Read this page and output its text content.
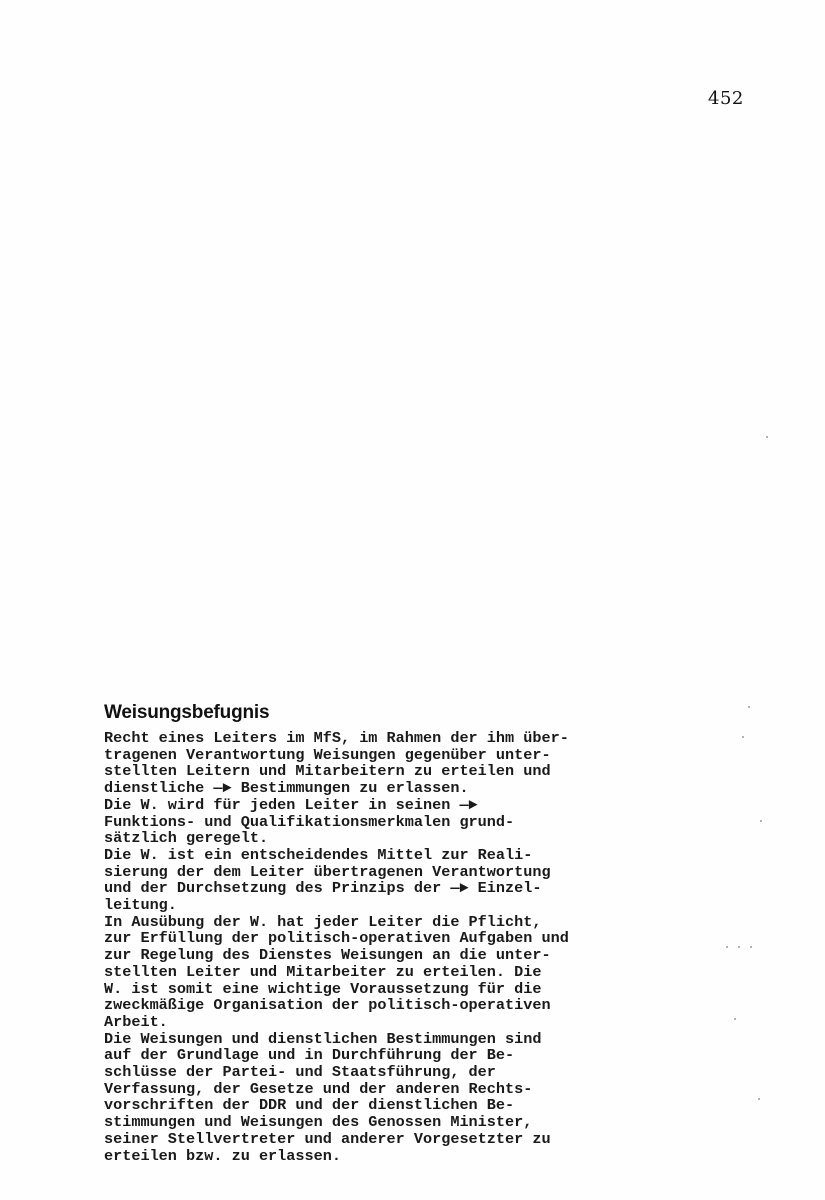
452
Weisungsbefugnis
Recht eines Leiters im MfS, im Rahmen der ihm über-
tragenen Verantwortung Weisungen gegenüber unter-
stellten Leitern und Mitarbeitern zu erteilen und
dienstliche —► Bestimmungen zu erlassen.
Die W. wird für jeden Leiter in seinen —►
Funktions- und Qualifikationsmerkmalen grund-
sätzlich geregelt.
Die W. ist ein entscheidendes Mittel zur Reali-
sierung der dem Leiter übertragenen Verantwortung
und der Durchsetzung des Prinzips der —► Einzel-
leitung.
In Ausübung der W. hat jeder Leiter die Pflicht,
zur Erfüllung der politisch-operativen Aufgaben und
zur Regelung des Dienstes Weisungen an die unter-
stellten Leiter und Mitarbeiter zu erteilen. Die
W. ist somit eine wichtige Voraussetzung für die
zweckmäßige Organisation der politisch-operativen
Arbeit.
Die Weisungen und dienstlichen Bestimmungen sind
auf der Grundlage und in Durchführung der Be-
schlüsse der Partei- und Staatsführung, der
Verfassung, der Gesetze und der anderen Rechts-
vorschriften der DDR und der dienstlichen Be-
stimmungen und Weisungen des Genossen Minister,
seiner Stellvertreter und anderer Vorgesetzter zu
erteilen bzw. zu erlassen.
